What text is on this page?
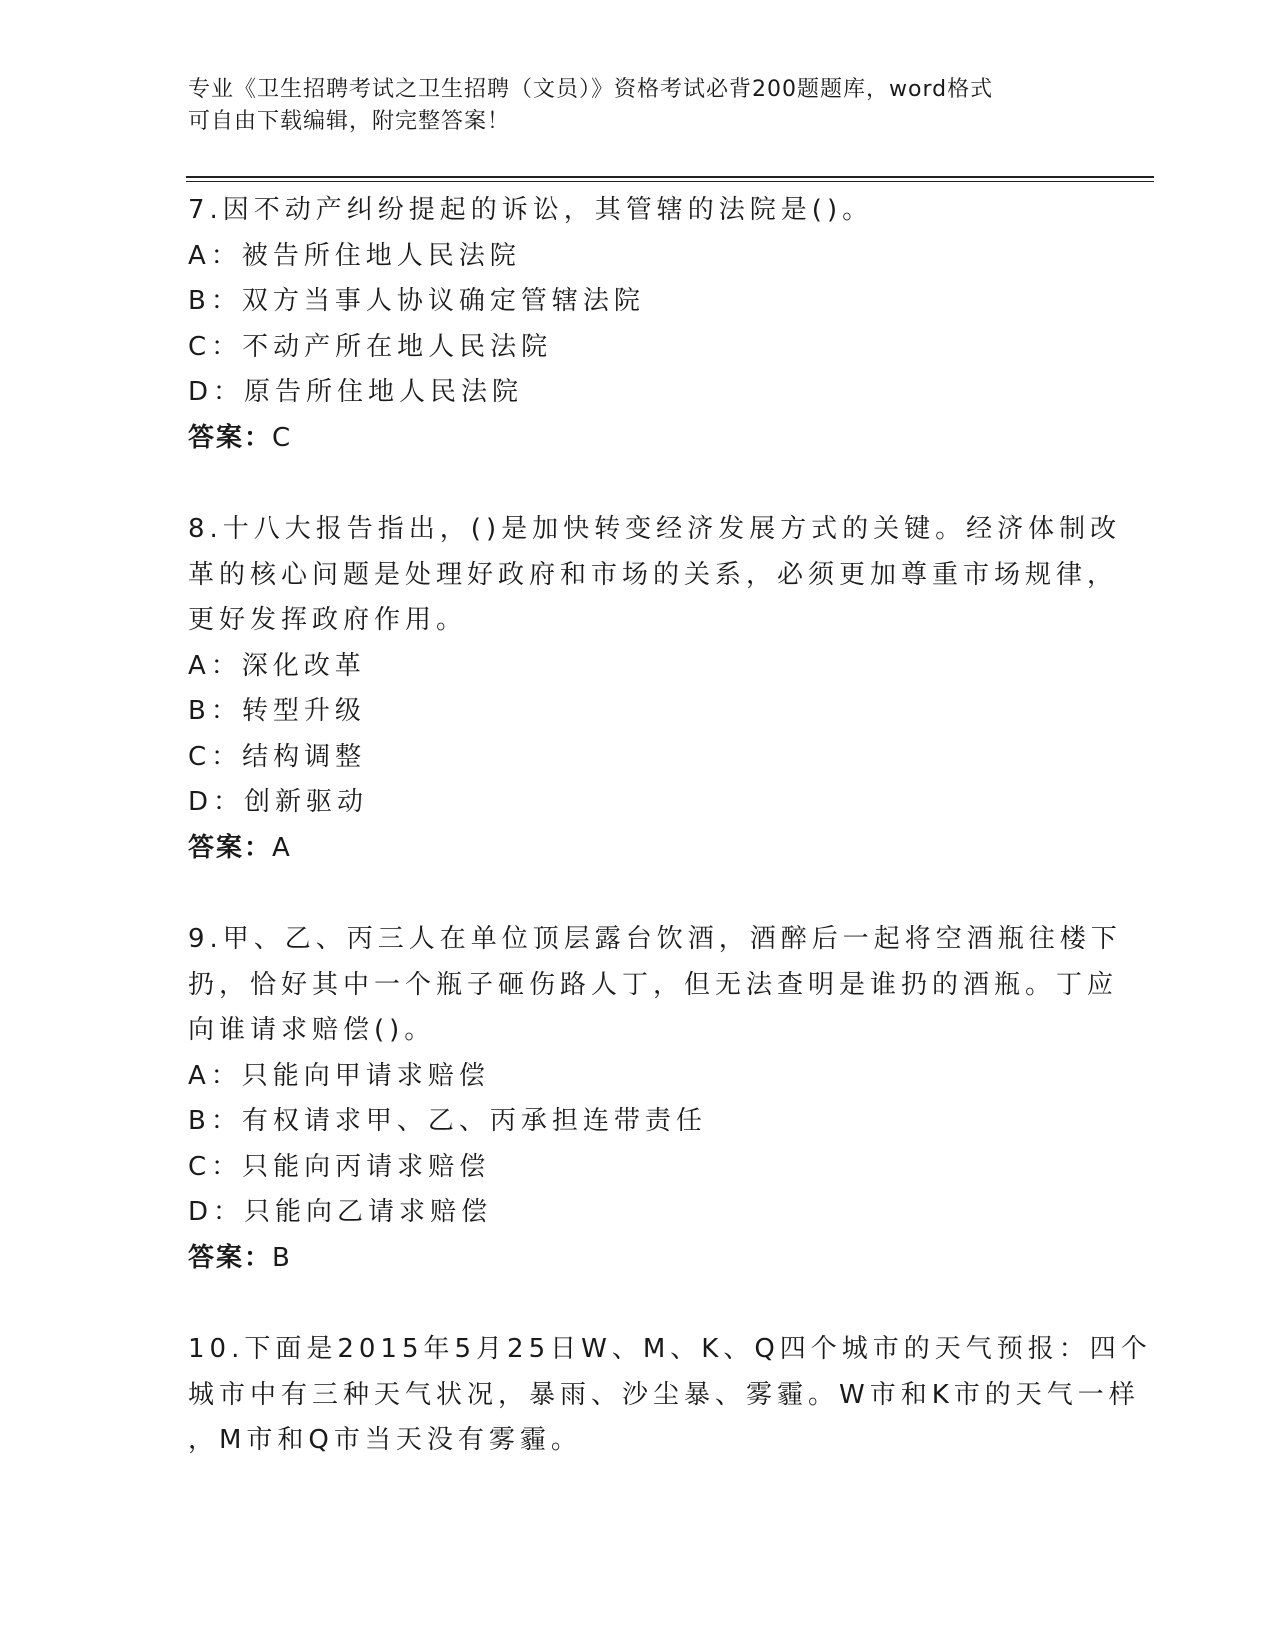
专业《卫生招聘考试之卫生招聘（文员）》资格考试必背200题题库，word格式
可自由下载编辑，附完整答案！
7.因不动产纠纷提起的诉讼，其管辖的法院是()。
A：被告所住地人民法院
B：双方当事人协议确定管辖法院
C：不动产所在地人民法院
D：原告所住地人民法院
答案：C
8.十八大报告指出，()是加快转变经济发展方式的关键。经济体制改
革的核心问题是处理好政府和市场的关系，必须更加尊重市场规律，
更好发挥政府作用。
A：深化改革
B：转型升级
C：结构调整
D：创新驱动
答案：A
9.甲、乙、丙三人在单位顶层露台饮酒，酒醉后一起将空酒瓶往楼下
扔，恰好其中一个瓶子砸伤路人丁，但无法查明是谁扔的酒瓶。丁应
向谁请求赔偿()。
A：只能向甲请求赔偿
B：有权请求甲、乙、丙承担连带责任
C：只能向丙请求赔偿
D：只能向乙请求赔偿
答案：B
10.下面是2015年5月25日W、M、K、Q四个城市的天气预报：四个
城市中有三种天气状况，暴雨、沙尘暴、雾霾。W市和K市的天气一样
，M市和Q市当天没有雾霾。
